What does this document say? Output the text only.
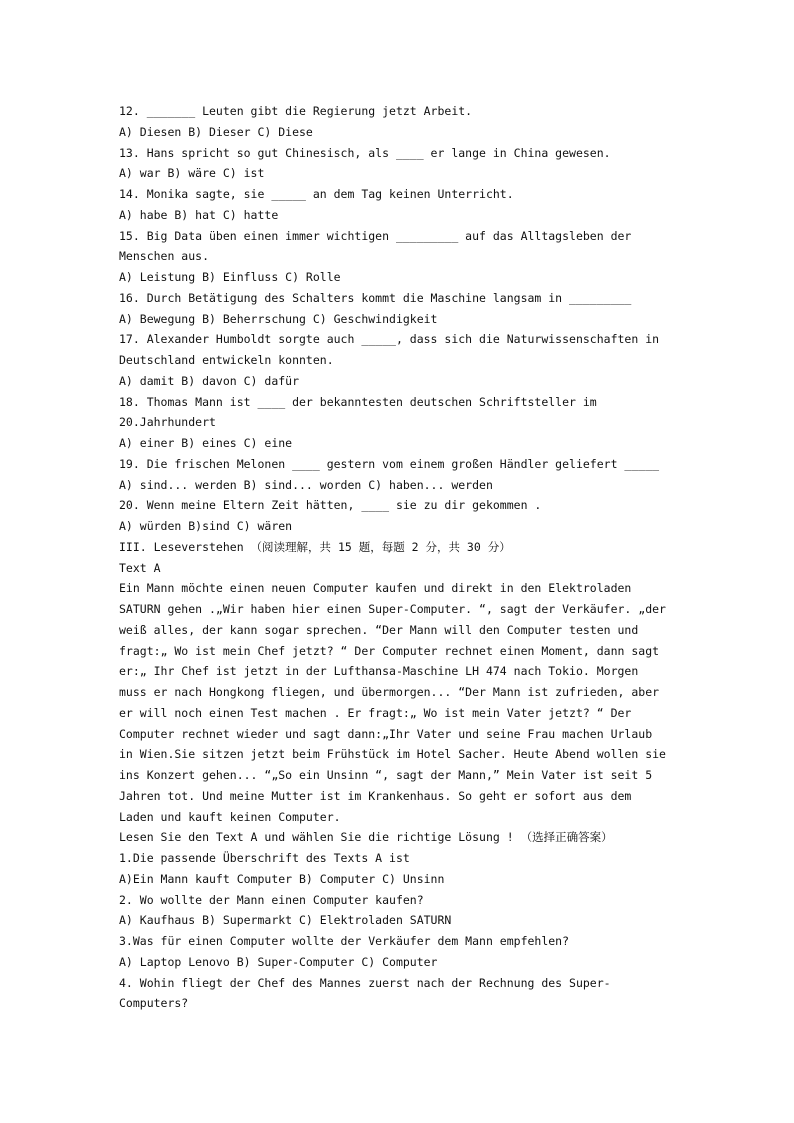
12. _______ Leuten gibt die Regierung jetzt Arbeit.
A) Diesen B) Dieser C) Diese
13. Hans spricht so gut Chinesisch, als ____ er lange in China gewesen.
A) war B) wäre C) ist
14. Monika sagte, sie _____ an dem Tag keinen Unterricht.
A) habe B) hat C) hatte
15. Big Data üben einen immer wichtigen _________ auf das Alltagsleben der
Menschen aus.
A) Leistung B) Einfluss C) Rolle
16. Durch Betätigung des Schalters kommt die Maschine langsam in _________
A) Bewegung B) Beherrschung C) Geschwindigkeit
17. Alexander Humboldt sorgte auch _____, dass sich die Naturwissenschaften in
Deutschland entwickeln konnten.
A) damit B) davon C) dafür
18. Thomas Mann ist ____ der bekanntesten deutschen Schriftsteller im
20.Jahrhundert
A) einer B) eines C) eine
19. Die frischen Melonen ____ gestern vom einem großen Händler geliefert _____
A) sind... werden B) sind... worden C) haben... werden
20. Wenn meine Eltern Zeit hätten, ____ sie zu dir gekommen .
A) würden B)sind C) wären
III. Leseverstehen （阅读理解，共 15 题，每题 2 分，共 30 分）
Text A
Ein Mann möchte einen neuen Computer kaufen und direkt in den Elektroladen
SATURN gehen .„Wir haben hier einen Super-Computer. “, sagt der Verkäufer. „der
weiß alles, der kann sogar sprechen. “Der Mann will den Computer testen und
fragt:„ Wo ist mein Chef jetzt? “ Der Computer rechnet einen Moment, dann sagt
er:„ Ihr Chef ist jetzt in der Lufthansa-Maschine LH 474 nach Tokio. Morgen
muss er nach Hongkong fliegen, und übermorgen... “Der Mann ist zufrieden, aber
er will noch einen Test machen . Er fragt:„ Wo ist mein Vater jetzt? “ Der
Computer rechnet wieder und sagt dann:„Ihr Vater und seine Frau machen Urlaub
in Wien.Sie sitzen jetzt beim Frühstück im Hotel Sacher. Heute Abend wollen sie
ins Konzert gehen... “„So ein Unsinn “, sagt der Mann,” Mein Vater ist seit 5
Jahren tot. Und meine Mutter ist im Krankenhaus. So geht er sofort aus dem
Laden und kauft keinen Computer.
Lesen Sie den Text A und wählen Sie die richtige Lösung ! （选择正确答案）
1.Die passende Überschrift des Texts A ist
A)Ein Mann kauft Computer B) Computer C) Unsinn
2. Wo wollte der Mann einen Computer kaufen?
A) Kaufhaus B) Supermarkt C) Elektroladen SATURN
3.Was für einen Computer wollte der Verkäufer dem Mann empfehlen?
A) Laptop Lenovo B) Super-Computer C) Computer
4. Wohin fliegt der Chef des Mannes zuerst nach der Rechnung des Super-
Computers?
